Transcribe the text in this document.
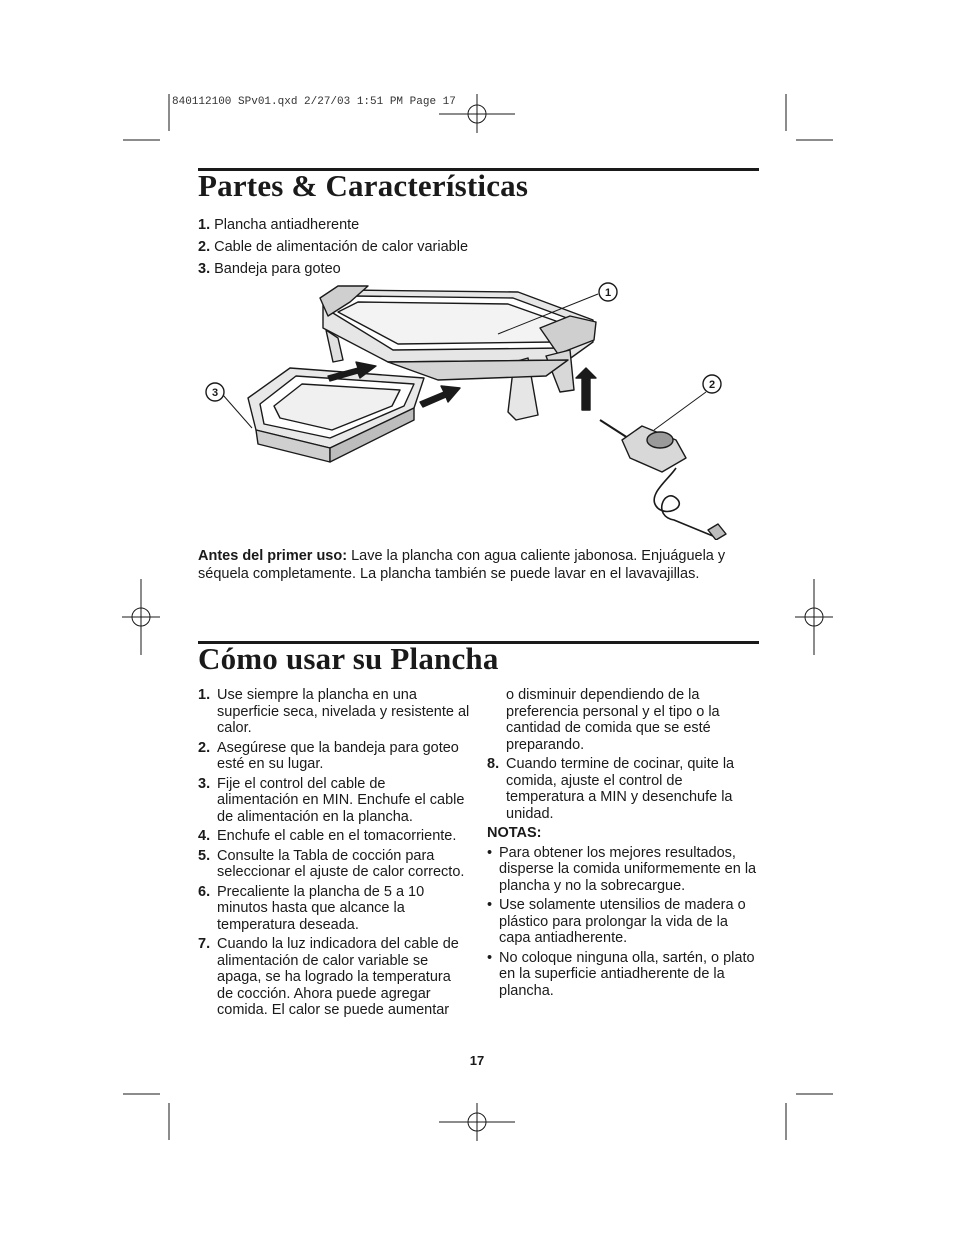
840112100 SPv01.qxd 2/27/03 1:51 PM Page 17
Partes & Características
1. Plancha antiadherente
2. Cable de alimentación de calor variable
3. Bandeja para goteo
1
2
3
Antes del primer uso: Lave la plancha con agua caliente jabonosa. Enjuáguela y séquela completamente. La plancha también se puede lavar en el lavavajillas.
Cómo usar su Plancha
1. Use siempre la plancha en una superficie seca, nivelada y resistente al calor.
2. Asegúrese que la bandeja para goteo esté en su lugar.
3. Fije el control del cable de alimentación en MIN. Enchufe el cable de alimentación en la plancha.
4. Enchufe el cable en el tomacorriente.
5. Consulte la Tabla de cocción para seleccionar el ajuste de calor correcto.
6. Precaliente la plancha de 5 a 10 minutos hasta que alcance la temperatura deseada.
7. Cuando la luz indicadora del cable de alimentación de calor variable se apaga, se ha logrado la temperatura de cocción. Ahora puede agregar comida. El calor se puede aumentar
o disminuir dependiendo de la preferencia personal y el tipo o la cantidad de comida que se esté preparando.
8. Cuando termine de cocinar, quite la comida, ajuste el control de temperatura a MIN y desenchufe la unidad.
NOTAS:
• Para obtener los mejores resultados, disperse la comida uniformemente en la plancha y no la sobrecargue.
• Use solamente utensilios de madera o plástico para prolongar la vida de la capa antiadherente.
• No coloque ninguna olla, sartén, o plato en la superficie antiadherente de la plancha.
17
